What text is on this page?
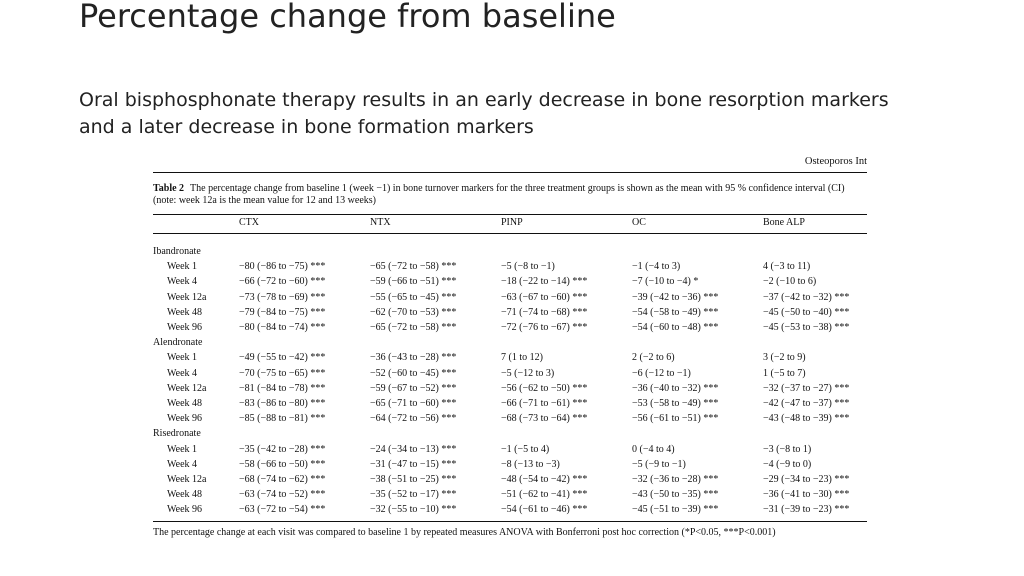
Percentage change from baseline

Oral bisphosphonate therapy results in an early decrease in bone resorption markers and a later decrease in bone formation markers

Osteoporos Int
Table 2 The percentage change from baseline 1 (week −1) in bone turnover markers for the three treatment groups is shown as the mean with 95 % confidence interval (CI) (note: week 12a is the mean value for 12 and 13 weeks)
	CTX	NTX	PINP	OC	Bone ALP

Ibandronate					
Week 1	−80 (−86 to −75) ***	−65 (−72 to −58) ***	−5 (−8 to −1)	−1 (−4 to 3)	4 (−3 to 11)
Week 4	−66 (−72 to −60) ***	−59 (−66 to −51) ***	−18 (−22 to −14) ***	−7 (−10 to −4) *	−2 (−10 to 6)
Week 12a	−73 (−78 to −69) ***	−55 (−65 to −45) ***	−63 (−67 to −60) ***	−39 (−42 to −36) ***	−37 (−42 to −32) ***
Week 48	−79 (−84 to −75) ***	−62 (−70 to −53) ***	−71 (−74 to −68) ***	−54 (−58 to −49) ***	−45 (−50 to −40) ***
Week 96	−80 (−84 to −74) ***	−65 (−72 to −58) ***	−72 (−76 to −67) ***	−54 (−60 to −48) ***	−45 (−53 to −38) ***
Alendronate					
Week 1	−49 (−55 to −42) ***	−36 (−43 to −28) ***	7 (1 to 12)	2 (−2 to 6)	3 (−2 to 9)
Week 4	−70 (−75 to −65) ***	−52 (−60 to −45) ***	−5 (−12 to 3)	−6 (−12 to −1)	1 (−5 to 7)
Week 12a	−81 (−84 to −78) ***	−59 (−67 to −52) ***	−56 (−62 to −50) ***	−36 (−40 to −32) ***	−32 (−37 to −27) ***
Week 48	−83 (−86 to −80) ***	−65 (−71 to −60) ***	−66 (−71 to −61) ***	−53 (−58 to −49) ***	−42 (−47 to −37) ***
Week 96	−85 (−88 to −81) ***	−64 (−72 to −56) ***	−68 (−73 to −64) ***	−56 (−61 to −51) ***	−43 (−48 to −39) ***
Risedronate					
Week 1	−35 (−42 to −28) ***	−24 (−34 to −13) ***	−1 (−5 to 4)	0 (−4 to 4)	−3 (−8 to 1)
Week 4	−58 (−66 to −50) ***	−31 (−47 to −15) ***	−8 (−13 to −3)	−5 (−9 to −1)	−4 (−9 to 0)
Week 12a	−68 (−74 to −62) ***	−38 (−51 to −25) ***	−48 (−54 to −42) ***	−32 (−36 to −28) ***	−29 (−34 to −23) ***
Week 48	−63 (−74 to −52) ***	−35 (−52 to −17) ***	−51 (−62 to −41) ***	−43 (−50 to −35) ***	−36 (−41 to −30) ***
Week 96	−63 (−72 to −54) ***	−32 (−55 to −10) ***	−54 (−61 to −46) ***	−45 (−51 to −39) ***	−31 (−39 to −23) ***
The percentage change at each visit was compared to baseline 1 by repeated measures ANOVA with Bonferroni post hoc correction (*P<0.05, ***P<0.001)
